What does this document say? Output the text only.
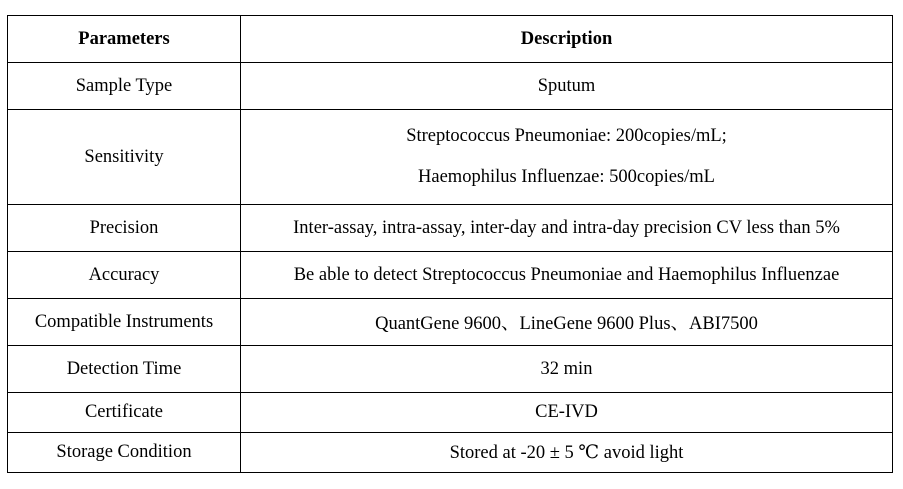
Parameters	Description
Sample Type	Sputum
Sensitivity	Streptococcus Pneumoniae: 200copies/mL;
Haemophilus Influenzae: 500copies/mL

Precision	Inter-assay, intra-assay, inter-day and intra-day precision CV less than 5%
Accuracy	Be able to detect Streptococcus Pneumoniae and Haemophilus Influenzae
Compatible Instruments	QuantGene 9600、LineGene 9600 Plus、ABI7500
Detection Time	32 min
Certificate	CE-IVD
Storage Condition	Stored at -20 ± 5 ℃ avoid light
